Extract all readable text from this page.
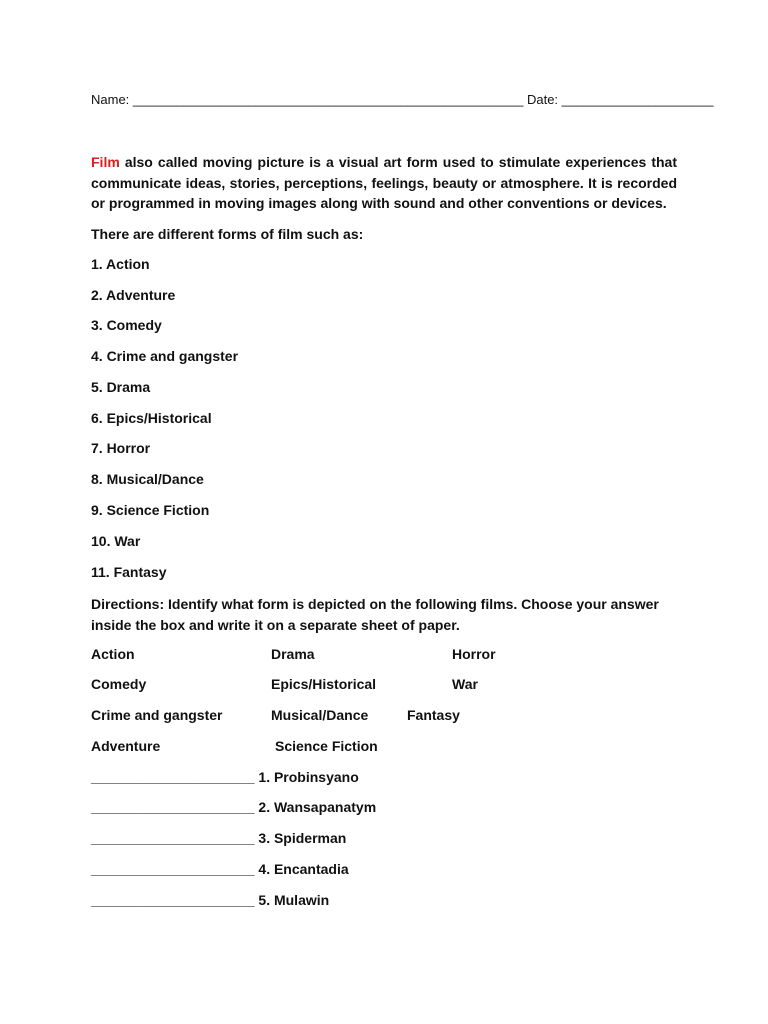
Name: ______________________________________________________ Date: _____________________
Film also called moving picture is a visual art form used to stimulate experiences that communicate ideas, stories, perceptions, feelings, beauty or atmosphere. It is recorded or programmed in moving images along with sound and other conventions or devices.
There are different forms of film such as:
1. Action
2. Adventure
3. Comedy
4. Crime and gangster
5. Drama
6. Epics/Historical
7. Horror
8. Musical/Dance
9. Science Fiction
10. War
11. Fantasy
Directions: Identify what form is depicted on the following films. Choose your answer inside the box and write it on a separate sheet of paper.
Action
Comedy
Crime and gangster
Adventure
Drama
Epics/Historical
Musical/Dance
Science Fiction
Horror
War
Fantasy
_____________________ 1. Probinsyano
_____________________ 2. Wansapanatym
_____________________ 3. Spiderman
_____________________ 4. Encantadia
_____________________ 5. Mulawin
